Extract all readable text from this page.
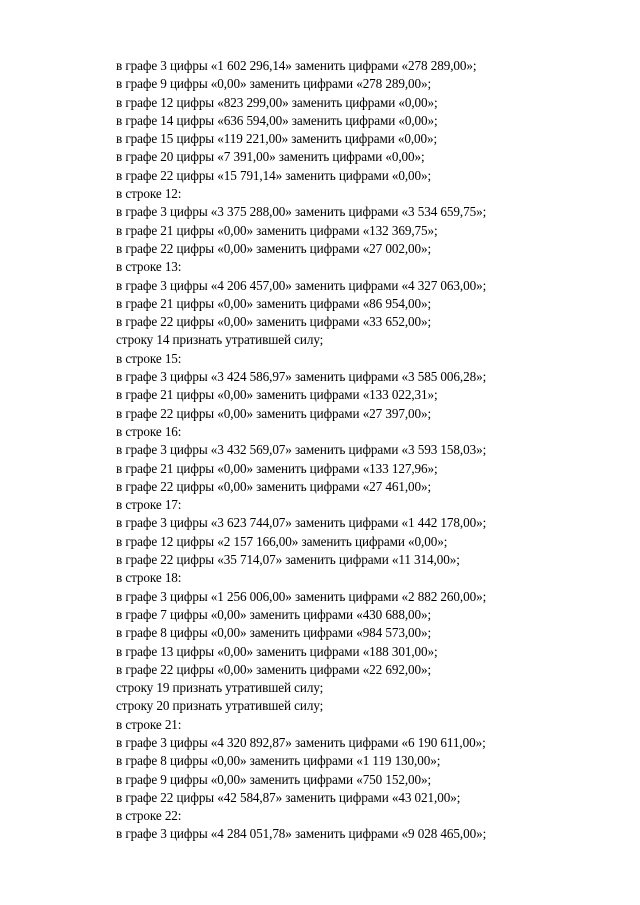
в графе 3 цифры «1 602 296,14» заменить цифрами «278 289,00»;
в графе 9 цифры «0,00» заменить цифрами «278 289,00»;
в графе 12 цифры «823 299,00» заменить цифрами «0,00»;
в графе 14 цифры «636 594,00» заменить цифрами «0,00»;
в графе 15 цифры «119 221,00» заменить цифрами «0,00»;
в графе 20 цифры «7 391,00» заменить цифрами «0,00»;
в графе 22 цифры «15 791,14» заменить цифрами «0,00»;
в строке 12:
в графе 3 цифры «3 375 288,00» заменить цифрами «3 534 659,75»;
в графе 21 цифры «0,00» заменить цифрами «132 369,75»;
в графе 22 цифры «0,00» заменить цифрами «27 002,00»;
в строке 13:
в графе 3 цифры «4 206 457,00» заменить цифрами «4 327 063,00»;
в графе 21 цифры «0,00» заменить цифрами «86 954,00»;
в графе 22 цифры «0,00» заменить цифрами «33 652,00»;
строку 14 признать утратившей силу;
в строке 15:
в графе 3 цифры «3 424 586,97» заменить цифрами «3 585 006,28»;
в графе 21 цифры «0,00» заменить цифрами «133 022,31»;
в графе 22 цифры «0,00» заменить цифрами «27 397,00»;
в строке 16:
в графе 3 цифры «3 432 569,07» заменить цифрами «3 593 158,03»;
в графе 21 цифры «0,00» заменить цифрами «133 127,96»;
в графе 22 цифры «0,00» заменить цифрами «27 461,00»;
в строке 17:
в графе 3 цифры «3 623 744,07» заменить цифрами «1 442 178,00»;
в графе 12 цифры «2 157 166,00» заменить цифрами «0,00»;
в графе 22 цифры «35 714,07» заменить цифрами «11 314,00»;
в строке 18:
в графе 3 цифры «1 256 006,00» заменить цифрами «2 882 260,00»;
в графе 7 цифры «0,00» заменить цифрами «430 688,00»;
в графе 8 цифры «0,00» заменить цифрами «984 573,00»;
в графе 13 цифры «0,00» заменить цифрами «188 301,00»;
в графе 22 цифры «0,00» заменить цифрами «22 692,00»;
строку 19 признать утратившей силу;
строку 20 признать утратившей силу;
в строке 21:
в графе 3 цифры «4 320 892,87» заменить цифрами «6 190 611,00»;
в графе 8 цифры «0,00» заменить цифрами «1 119 130,00»;
в графе 9 цифры «0,00» заменить цифрами «750 152,00»;
в графе 22 цифры «42 584,87» заменить цифрами «43 021,00»;
в строке 22:
в графе 3 цифры «4 284 051,78» заменить цифрами «9 028 465,00»;
